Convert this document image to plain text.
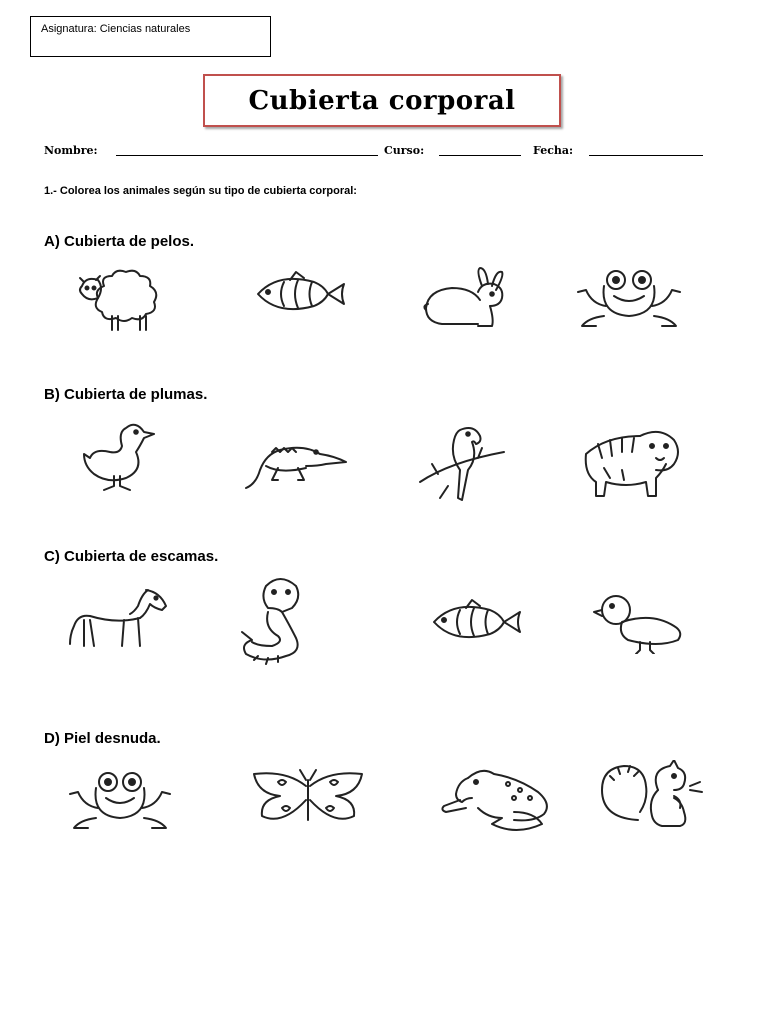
Asignatura: Ciencias naturales
Cubierta corporal
Nombre:	Curso:	Fecha:
1.- Colorea los animales según su tipo de cubierta corporal:
A) Cubierta de pelos.
B) Cubierta de plumas.
C) Cubierta de escamas.
D) Piel desnuda.
